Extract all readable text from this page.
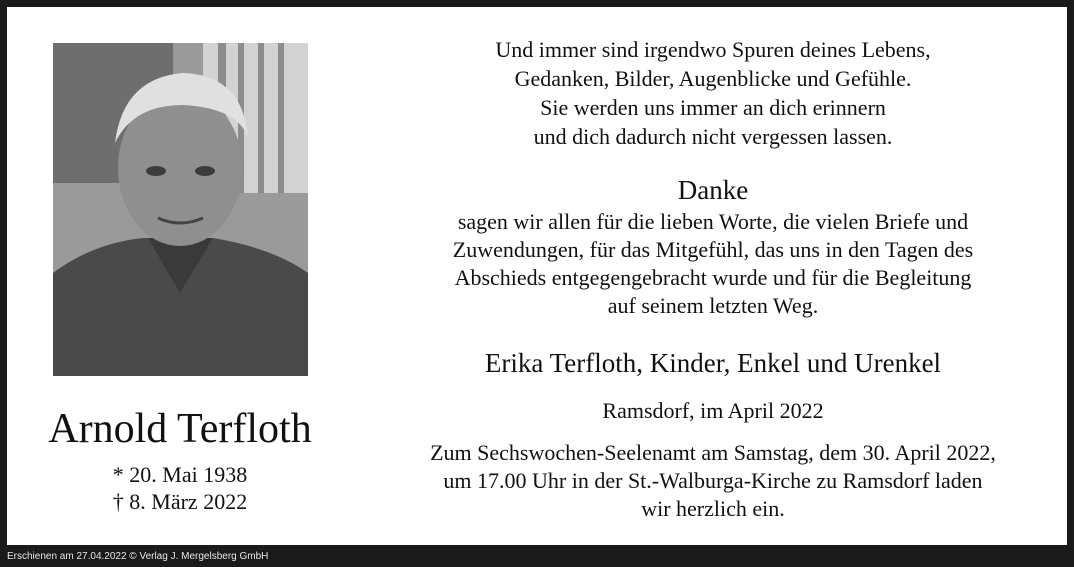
Arnold Terfloth
* 20. Mai 1938
† 8. März 2022
Und immer sind irgendwo Spuren deines Lebens,
Gedanken, Bilder, Augenblicke und Gefühle.
Sie werden uns immer an dich erinnern
und dich dadurch nicht vergessen lassen.
Danke
sagen wir allen für die lieben Worte, die vielen Briefe und
Zuwendungen, für das Mitgefühl, das uns in den Tagen des
Abschieds entgegengebracht wurde und für die Begleitung
auf seinem letzten Weg.
Erika Terfloth, Kinder, Enkel und Urenkel
Ramsdorf, im April 2022
Zum Sechswochen-Seelenamt am Samstag, dem 30. April 2022,
um 17.00 Uhr in der St.-Walburga-Kirche zu Ramsdorf laden
wir herzlich ein.
Erschienen am 27.04.2022 © Verlag J. Mergelsberg GmbH
